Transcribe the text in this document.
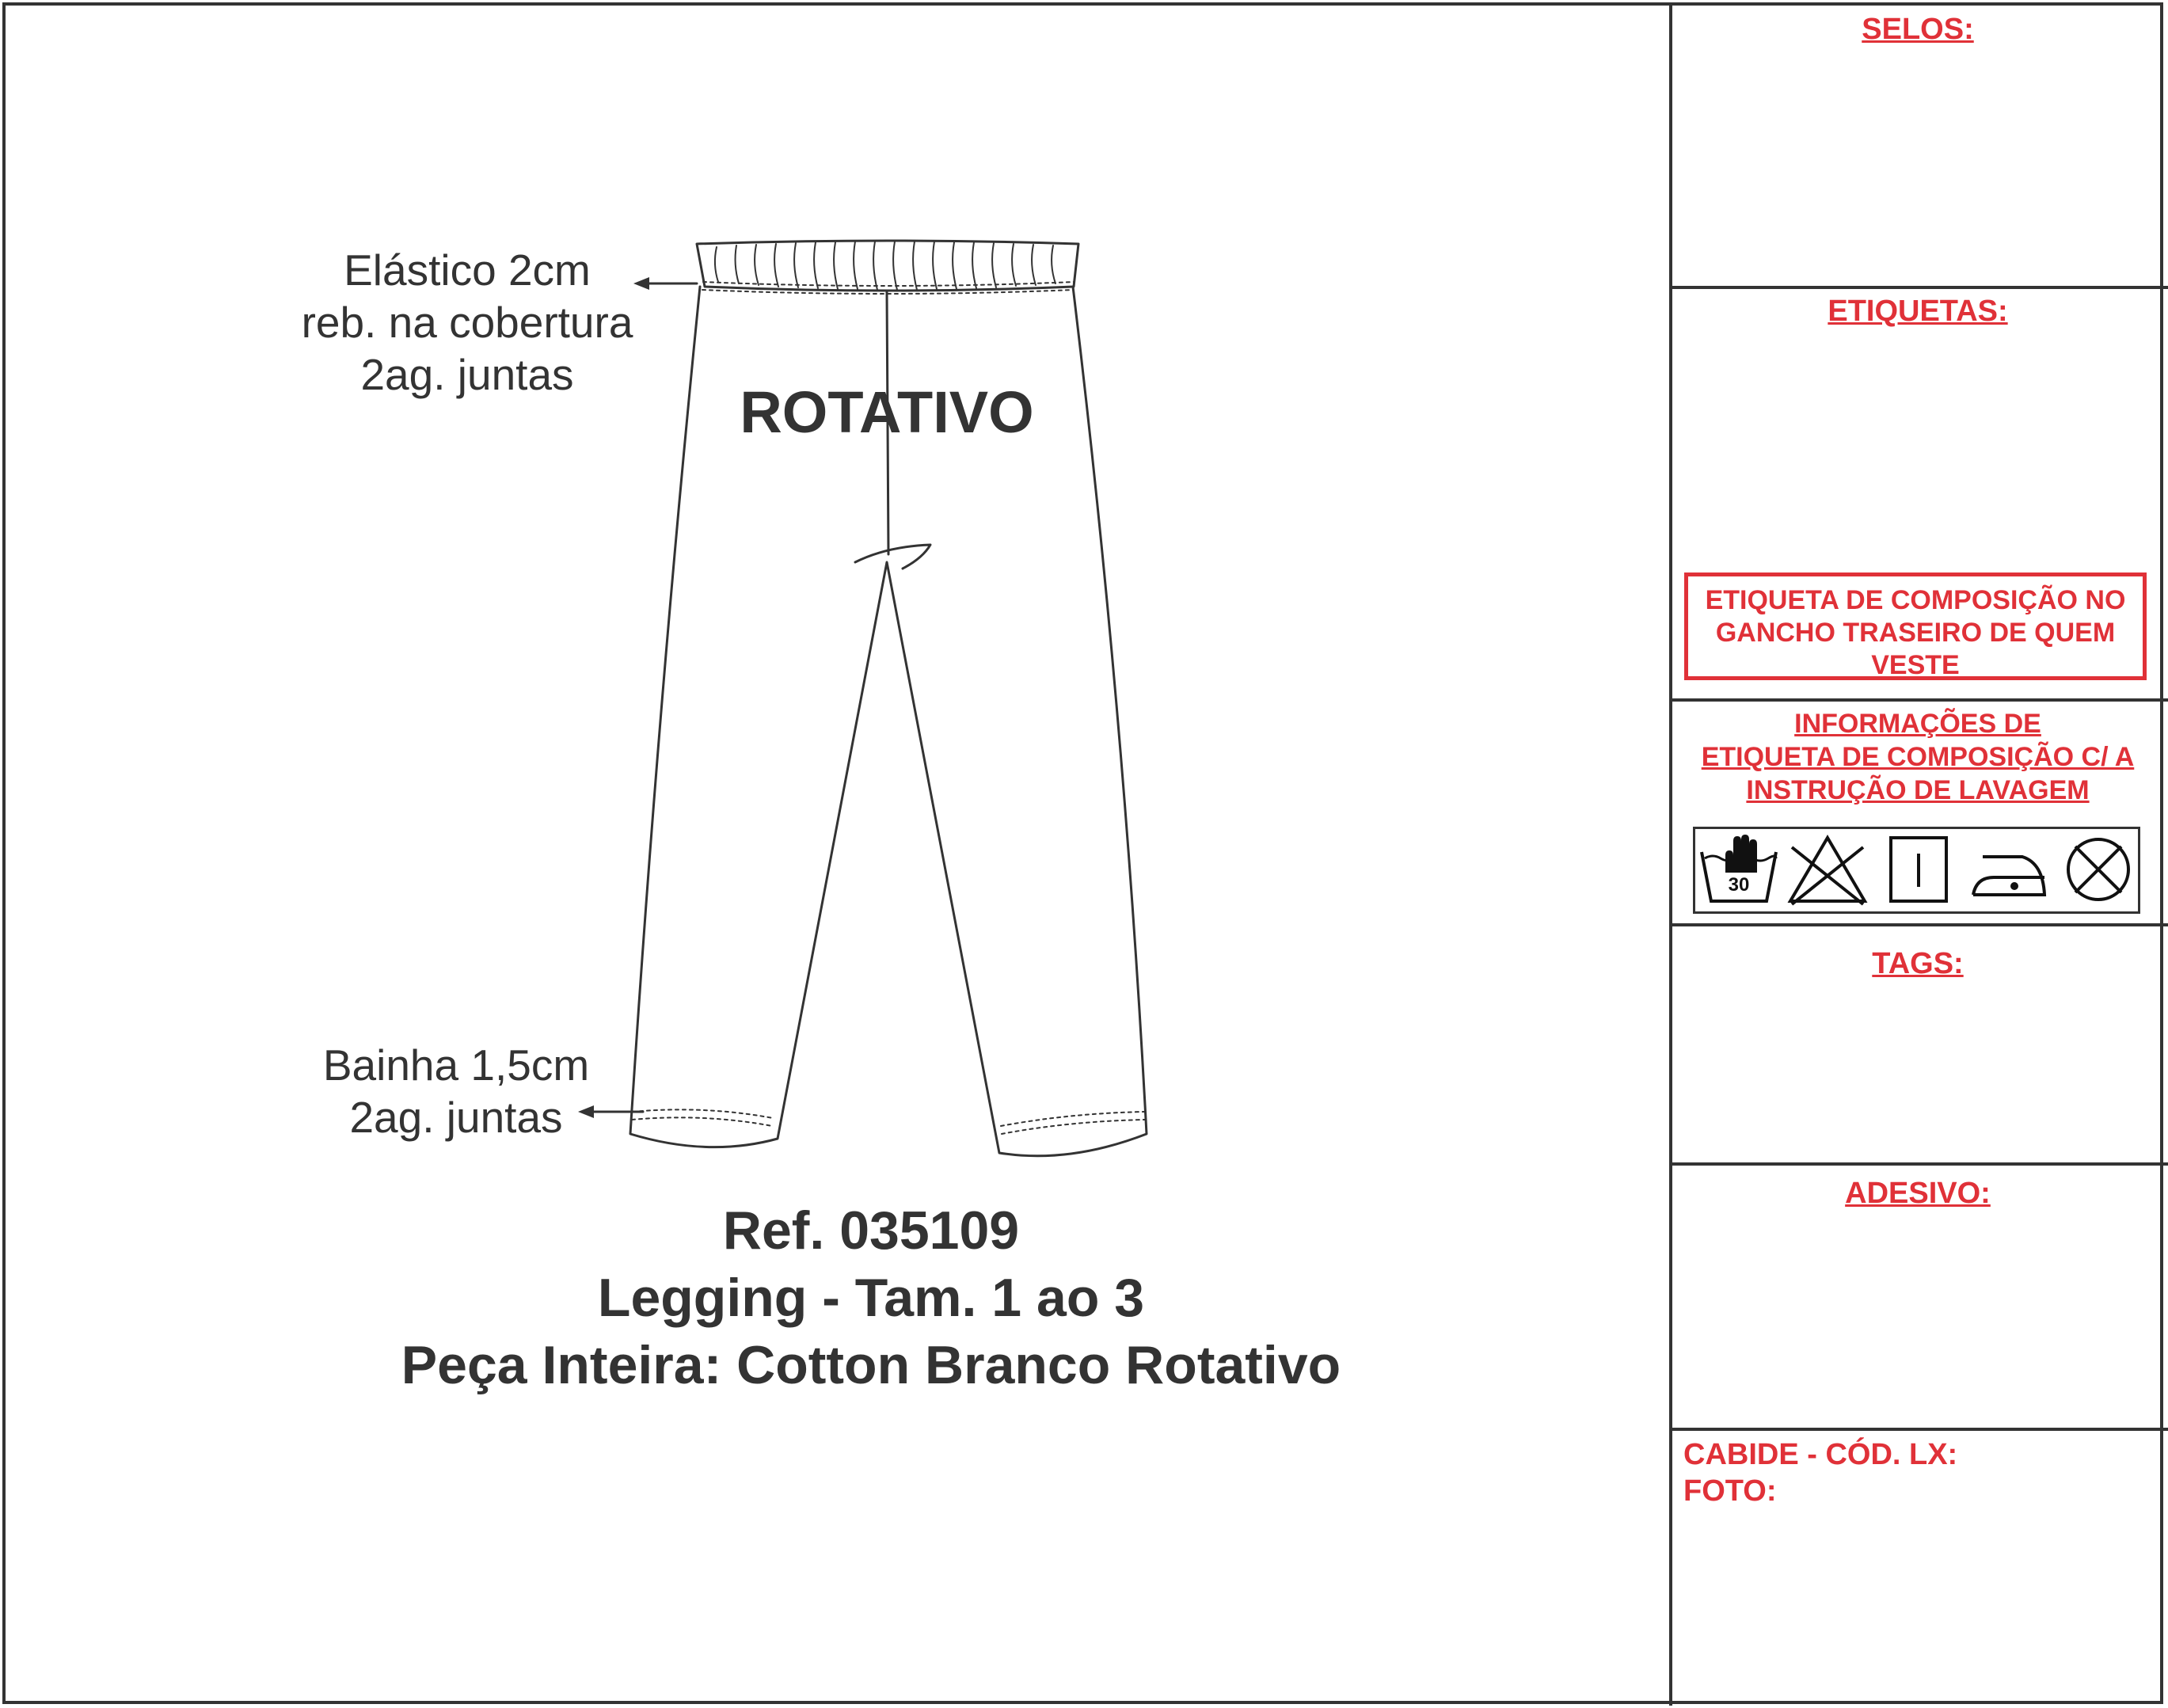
SELOS:
ETIQUETAS:
ETIQUETA DE COMPOSIÇÃO NO
GANCHO TRASEIRO DE QUEM
VESTE
INFORMAÇÕES DE
ETIQUETA DE COMPOSIÇÃO C/ A
INSTRUÇÃO DE LAVAGEM
30
TAGS:
ADESIVO:
CABIDE - CÓD. LX:
FOTO:
Elástico 2cm
reb. na cobertura
2ag. juntas
ROTATIVO
Bainha 1,5cm
2ag. juntas
Ref. 035109
Legging - Tam. 1 ao 3
Peça Inteira: Cotton Branco Rotativo
